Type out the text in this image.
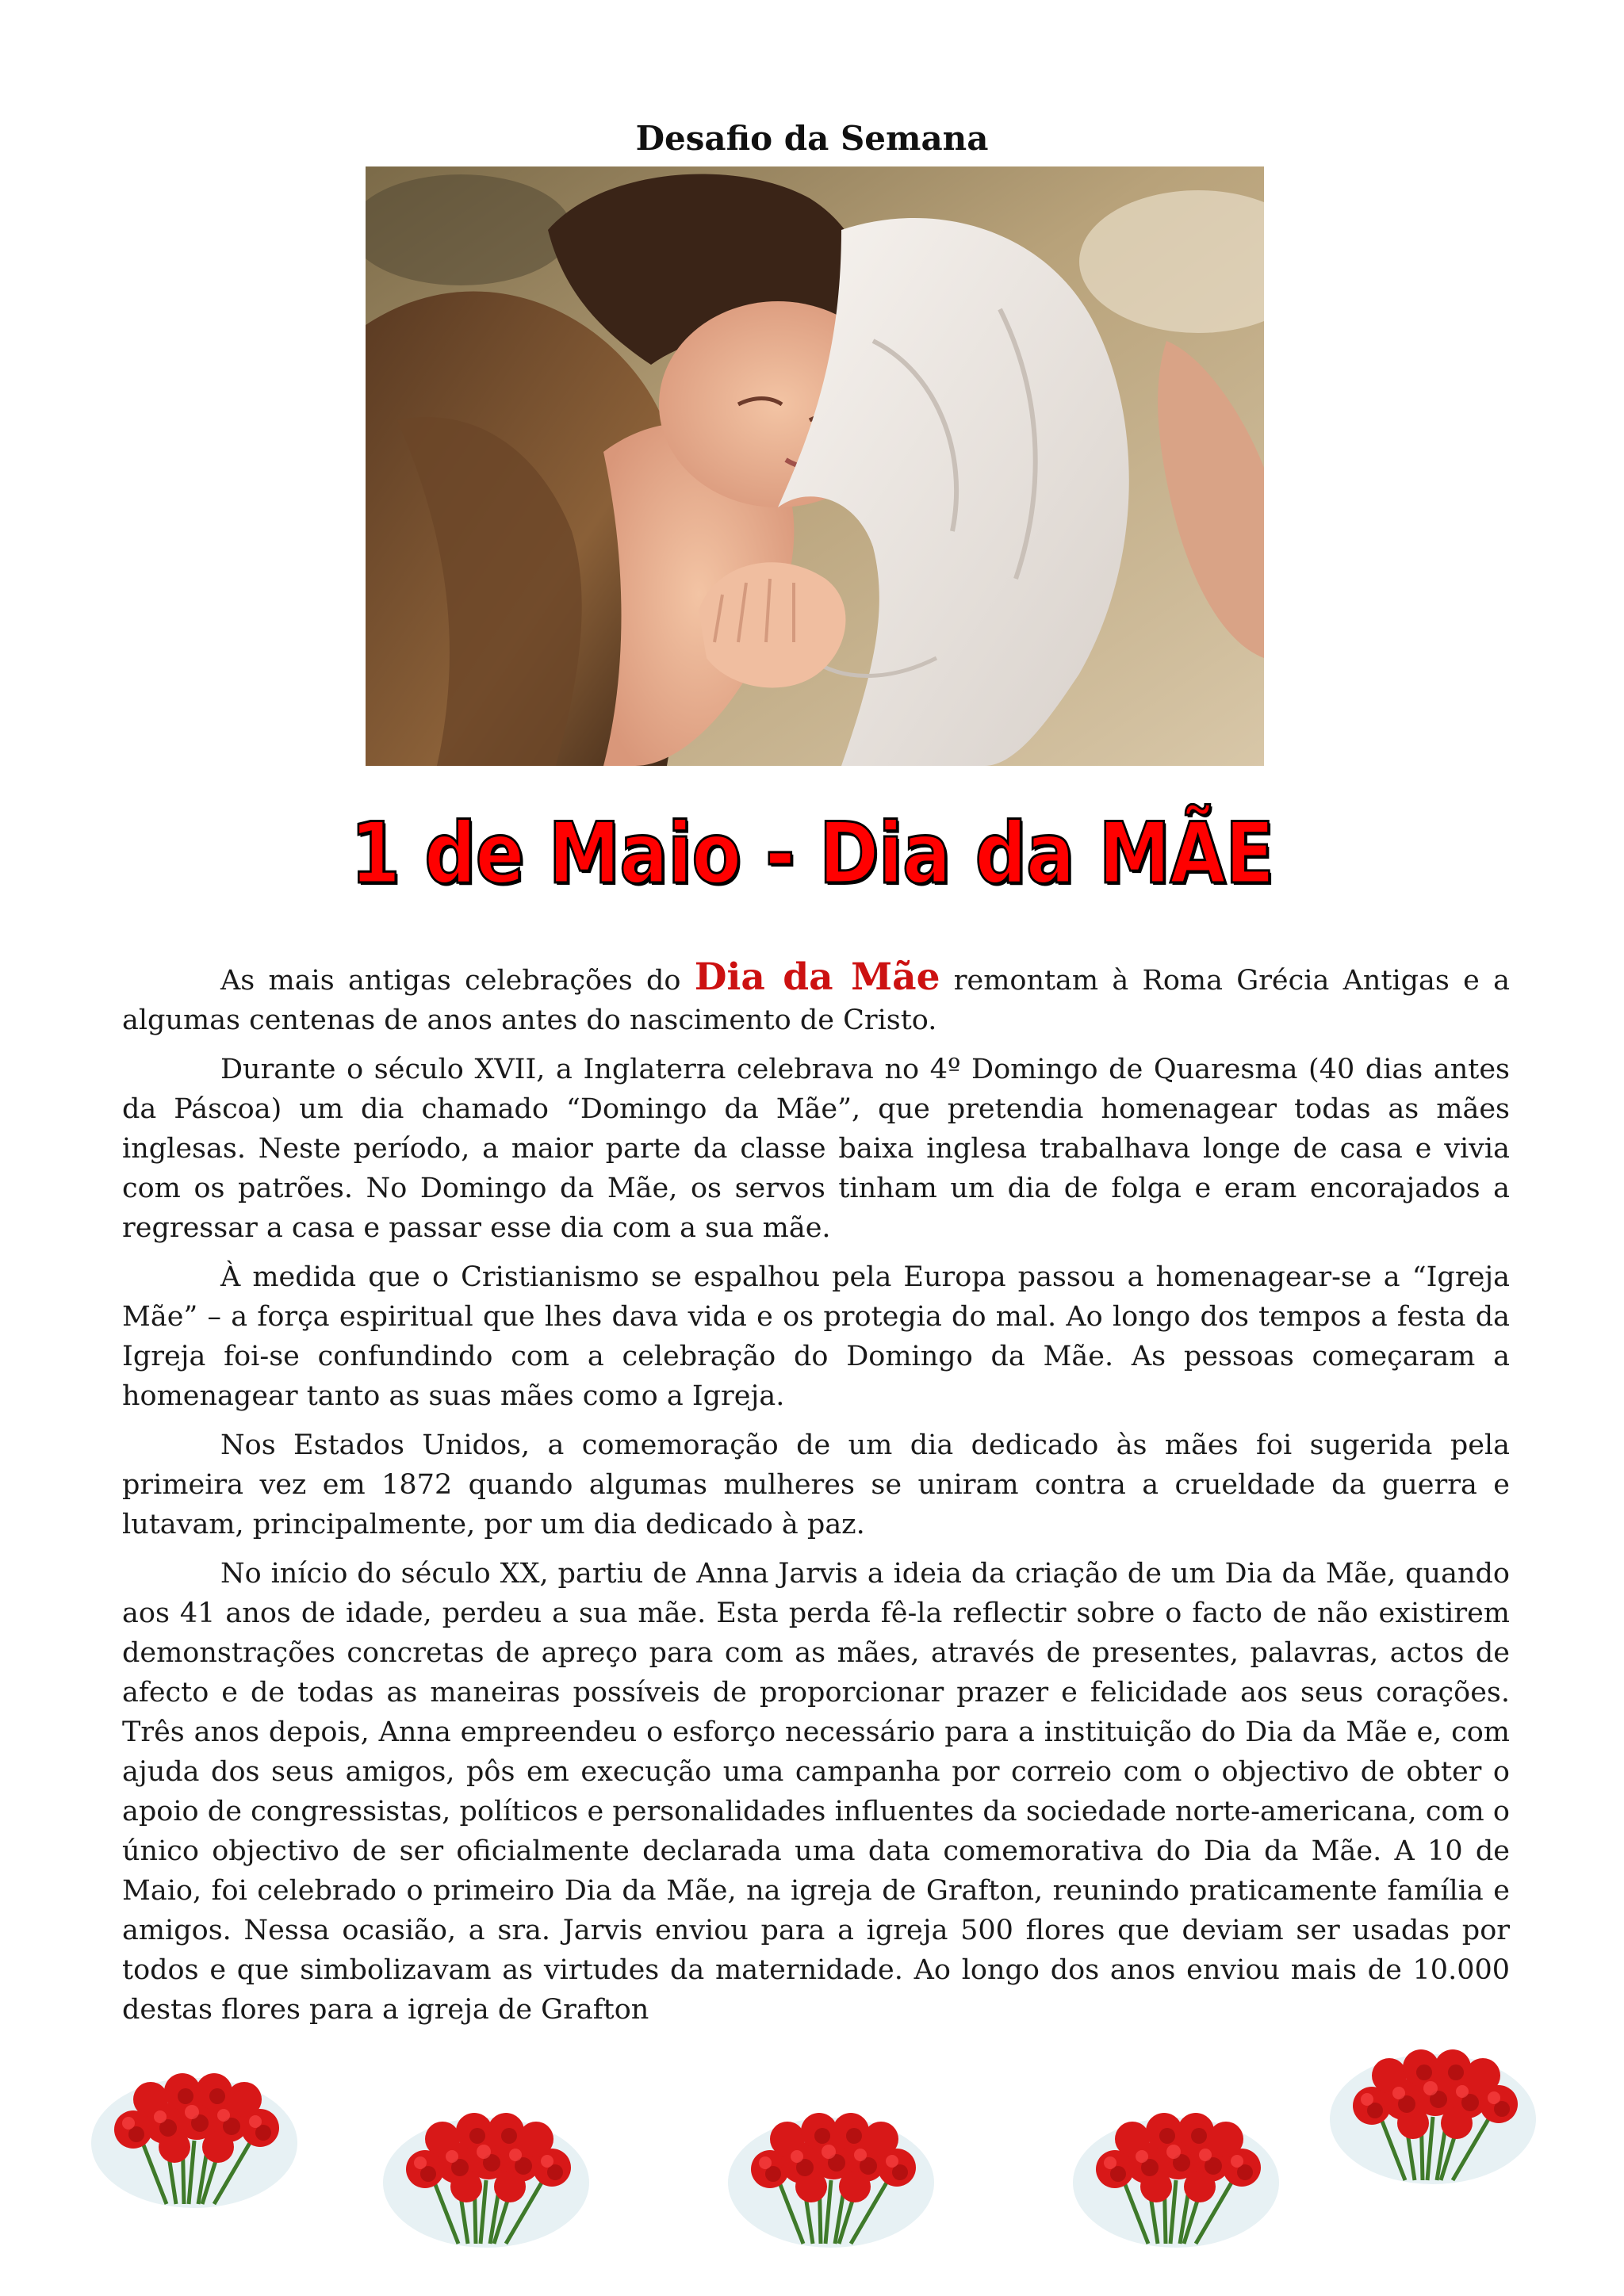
Desafio da Semana
1 de Maio - Dia da MÃE

As mais antigas celebrações do Dia da Mãe remontam à Roma Grécia Antigas e a algumas centenas de anos antes do nascimento de Cristo.

Durante o século XVII, a Inglaterra celebrava no 4º Domingo de Quaresma (40 dias antes da Páscoa) um dia chamado “Domingo da Mãe”, que pretendia homenagear todas as mães inglesas. Neste período, a maior parte da classe baixa inglesa trabalhava longe de casa e vivia com os patrões. No Domingo da Mãe, os servos tinham um dia de folga e eram encorajados a regressar a casa e passar esse dia com a sua mãe.

À medida que o Cristianismo se espalhou pela Europa passou a homenagear-se a “Igreja Mãe” – a força espiritual que lhes dava vida e os protegia do mal. Ao longo dos tempos a festa da Igreja foi-se confundindo com a celebração do Domingo da Mãe. As pessoas começaram a homenagear tanto as suas mães como a Igreja.

Nos Estados Unidos, a comemoração de um dia dedicado às mães foi sugerida pela primeira vez em 1872 quando algumas mulheres se uniram contra a crueldade da guerra e lutavam, principalmente, por um dia dedicado à paz.

No início do século XX, partiu de Anna Jarvis a ideia da criação de um Dia da Mãe, quando aos 41 anos de idade, perdeu a sua mãe. Esta perda fê-la reflectir sobre o facto de não existirem demonstrações concretas de apreço para com as mães, através de presentes, palavras, actos de afecto e de todas as maneiras possíveis de proporcionar prazer e felicidade aos seus corações. Três anos depois, Anna empreendeu o esforço necessário para a instituição do Dia da Mãe e, com ajuda dos seus amigos, pôs em execução uma campanha por correio com o objectivo de obter o apoio de congressistas, políticos e personalidades influentes da sociedade norte-americana, com o único objectivo de ser oficialmente declarada uma data comemorativa do Dia da Mãe. A 10 de Maio, foi celebrado o primeiro Dia da Mãe, na igreja de Grafton, reunindo praticamente família e amigos. Nessa ocasião, a sra. Jarvis enviou para a igreja 500 flores que deviam ser usadas por todos e que simbolizavam as virtudes da maternidade. Ao longo dos anos enviou mais de 10.000 destas flores para a igreja de Grafton
